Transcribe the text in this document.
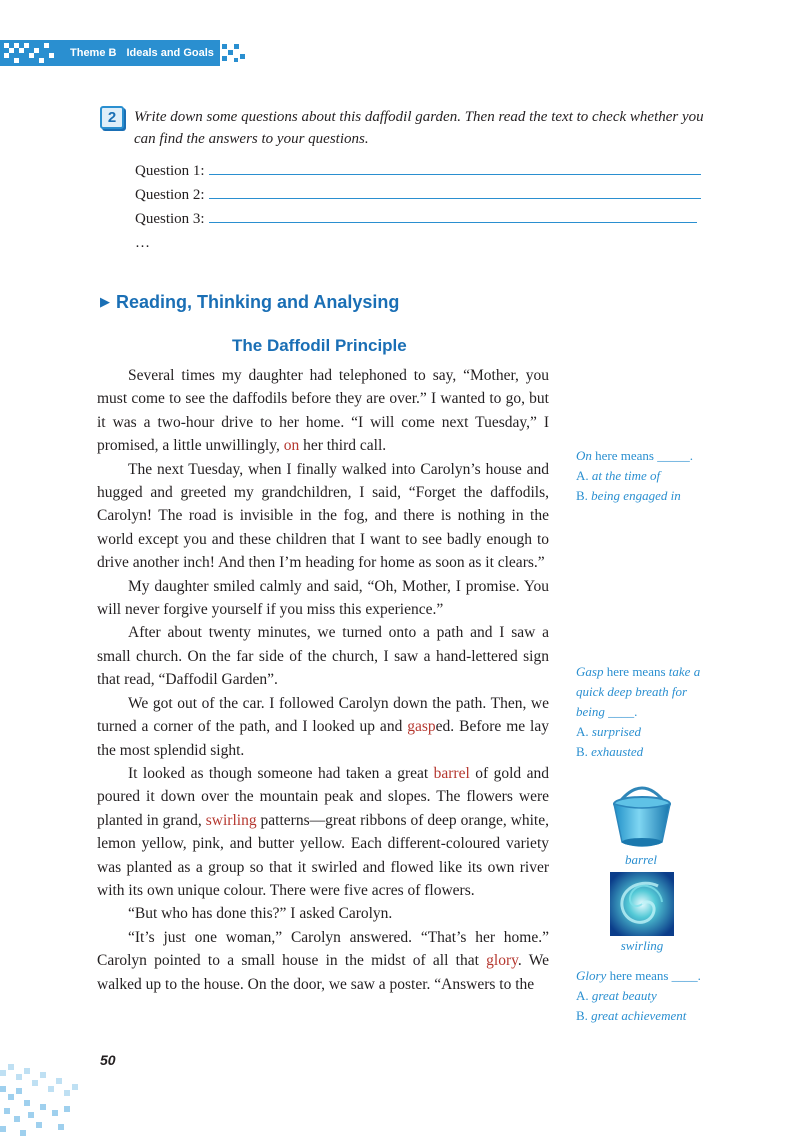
Theme B Ideals and Goals
2	Write down some questions about this daffodil garden. Then read the text to check whether you can find the answers to your questions.
Question 1:
Question 2:
Question 3:
…
▶ Reading, Thinking and Analysing
The Daffodil Principle

Several times my daughter had telephoned to say, “Mother, you must come to see the daffodils before they are over.” I wanted to go, but it was a two-hour drive to her home. “I will come next Tuesday,” I promised, a little unwillingly, on her third call.

The next Tuesday, when I finally walked into Carolyn’s house and hugged and greeted my grandchildren, I said, “Forget the daffodils, Carolyn! The road is invisible in the fog, and there is nothing in the world except you and these children that I want to see badly enough to drive another inch! And then I’m heading for home as soon as it clears.”

My daughter smiled calmly and said, “Oh, Mother, I promise. You will never forgive yourself if you miss this experience.”

After about twenty minutes, we turned onto a path and I saw a small church. On the far side of the church, I saw a hand-lettered sign that read, “Daffodil Garden”.

We got out of the car. I followed Carolyn down the path. Then, we turned a corner of the path, and I looked up and gasped. Before me lay the most splendid sight.

It looked as though someone had taken a great barrel of gold and poured it down over the mountain peak and slopes. The flowers were planted in grand, swirling patterns—great ribbons of deep orange, white, lemon yellow, pink, and butter yellow. Each different-coloured variety was planted as a group so that it swirled and flowed like its own river with its own unique colour. There were five acres of flowers.

“But who has done this?” I asked Carolyn.

“It’s just one woman,” Carolyn answered. “That’s her home.” Carolyn pointed to a small house in the midst of all that glory. We walked up to the house. On the door, we saw a poster. “Answers to the

On here means _____.
A. at the time of
B. being engaged in
Gasp here means take a quick deep breath for being ____.
A. surprised
B. exhausted
barrel
swirling
Glory here means ____.
A. great beauty
B. great achievement
50
